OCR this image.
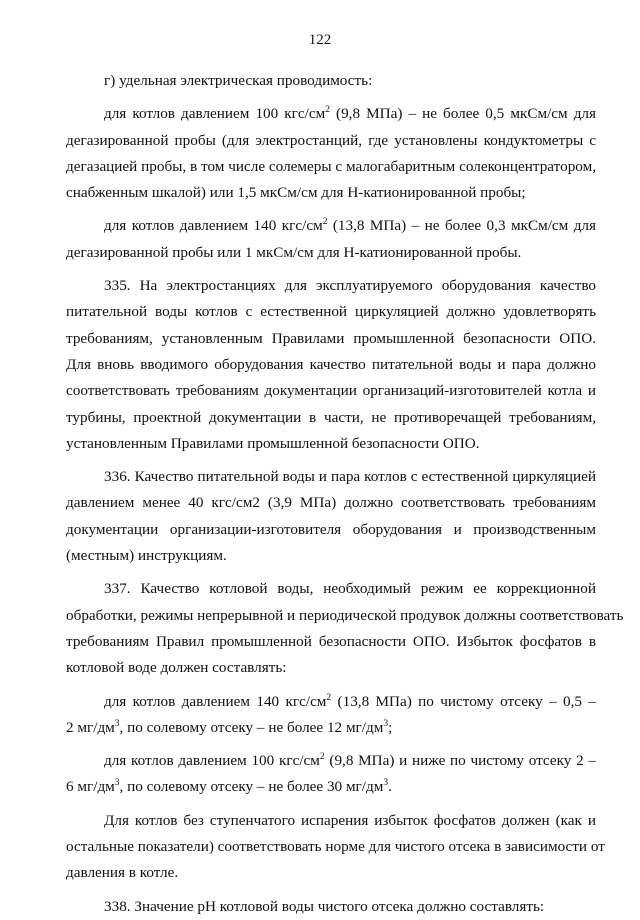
122
г) удельная электрическая проводимость:
для котлов давлением 100 кгс/$см^2$ (9,8 МПа) – не более 0,5 мкСм/см для
дегазированной пробы (для электростанций, где установлены кондуктометры с
дегазацией пробы, в том числе солемеры с малогабаритным солеконцентратором,
снабженным шкалой) или 1,5 мкСм/см для Н-катионированной пробы;
для котлов давлением 140 кгс/$см^2$ (13,8 МПа) – не более 0,3 мкСм/см для
дегазированной пробы или 1 мкСм/см для Н-катионированной пробы.
335. На электростанциях для эксплуатируемого оборудования качество
питательной воды котлов с естественной циркуляцией должно удовлетворять
требованиям, установленным Правилами промышленной безопасности ОПО.
Для вновь вводимого оборудования качество питательной воды и пара должно
соответствовать требованиям документации организаций-изготовителей котла и
турбины, проектной документации в части, не противоречащей требованиям,
установленным Правилами промышленной безопасности ОПО.
336. Качество питательной воды и пара котлов с естественной циркуляцией
давлением менее 40 кгс/см2 (3,9 МПа) должно соответствовать требованиям
документации организации-изготовителя оборудования и производственным
(местным) инструкциям.
337. Качество котловой воды, необходимый режим ее коррекционной
обработки, режимы непрерывной и периодической продувок должны соответствовать
требованиям Правил промышленной безопасности ОПО. Избыток фосфатов в
котловой воде должен составлять:
для котлов давлением 140 кгс/$см^2$ (13,8 МПа) по чистому отсеку – 0,5 –
2 $мг/дм^3$, по солевому отсеку – не более 12 $мг/дм^3$;
для котлов давлением 100 кгс/$см^2$ (9,8 МПа) и ниже по чистому отсеку 2 –
6 $мг/дм^3$, по солевому отсеку – не более 30 $мг/дм^3$.
Для котлов без ступенчатого испарения избыток фосфатов должен (как и
остальные показатели) соответствовать норме для чистого отсека в зависимости от
давления в котле.
338. Значение pH котловой воды чистого отсека должно составлять:
